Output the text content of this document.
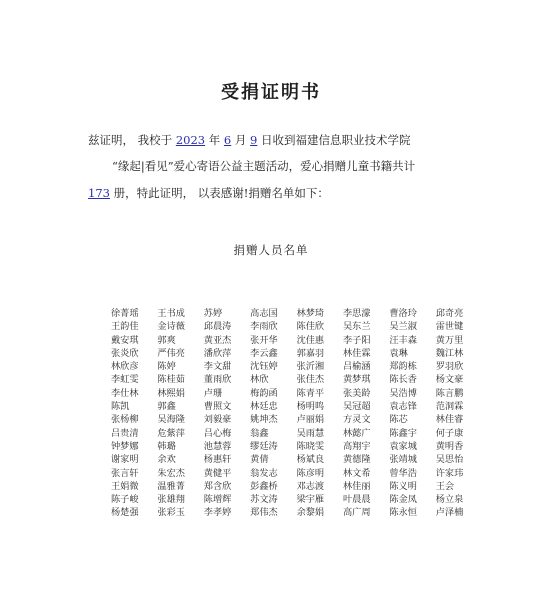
受捐证明书
兹证明， 我校于 2023 年 6 月 9 日收到福建信息职业技术学院
“缘起|看见”爱心寄语公益主题活动，爱心捐赠儿童书籍共计
173 册，特此证明， 以表感谢!捐赠名单如下：
捐赠人员名单
徐菁瑶	王书成	苏婷	高志国	林梦琦	李思濛	曹洛玲	邱奇亮
王韵佳	金诗薇	邱晨涛	李雨欣	陈佳欣	吴东兰	吴兰淑	雷世键
戴安琪	郭爽	黄亚杰	张开华	沈佳惠	李子阳	汪丰森	黄万里
张炎欣	严伟亮	潘欣萍	李云鑫	郭嘉羽	林佳霖	袁琳	魏江林
林欣彦	陈婷	李文甜	沈钰婷	张沂湘	吕榆涵	郑韵栋	罗羽欣
李虹雯	陈桂茹	董雨欣	林欣	张佳杰	黄梦琪	陈长香	杨文豪
李仕林	林熙娟	卢珊	梅韵函	陈青平	张美龄	吴浩博	陈言鹏
陈凯	郭鑫	曹照文	林廷忠	杨明鸣	吴冠超	袁志锋	范洞霖
张杨柳	吴海隆	刘毅豪	姚坤杰	卢丽娟	方灵文	陈芯	林佳睿
吕贵清	危紫萍	吕心梅	翁鑫	吴雨慧	林懿广	陈鑫宇	何子康
钟梦娜	韩璐	池慧蓉	缪廷涛	陈晓雯	高翔宇	袁家城	黄明香
谢家明	余欢	杨惠轩	黄倩	杨斌良	黄德隆	张靖城	吴思怡
张言轩	朱宏杰	黄健平	翁发志	陈彦明	林文希	曾华浩	许家玮
王娟微	温雅菁	郑含欣	彭鑫桥	邓志渡	林佳丽	陈义明	王会
陈子峻	张雄翔	陈增辉	苏文涛	梁宇雁	叶晨晨	陈金凤	杨立泉
杨楚强	张彩玉	李孝婷	郑伟杰	余黎娟	高广周	陈永恒	卢泽楠
